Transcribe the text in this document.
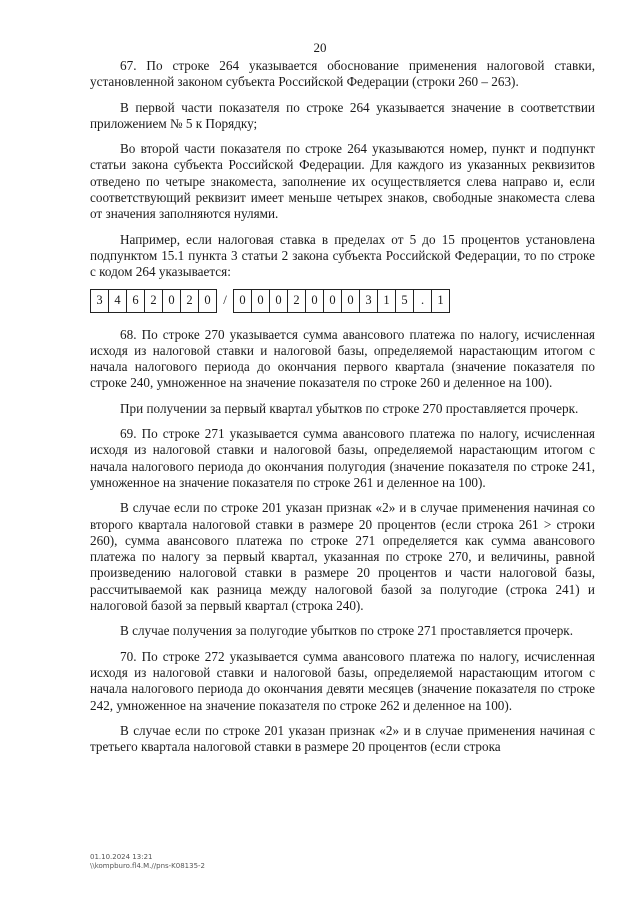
20

67. По строке 264 указывается обоснование применения налоговой ставки, установленной законом субъекта Российской Федерации (строки 260 – 263).

В первой части показателя по строке 264 указывается значение в соответствии приложением № 5 к Порядку;

Во второй части показателя по строке 264 указываются номер, пункт и подпункт статьи закона субъекта Российской Федерации. Для каждого из указанных реквизитов отведено по четыре знакоместа, заполнение их осуществляется слева направо и, если соответствующий реквизит имеет меньше четырех знаков, свободные знакоместа слева от значения заполняются нулями.

Например, если налоговая ставка в пределах от 5 до 15 процентов установлена подпунктом 15.1 пункта 3 статьи 2 закона субъекта Российской Федерации, то по строке с кодом 264 указывается:

3 4 6 2 0 2 0 /	0 0 0 2 0 0 0 3 1 5	.	1

68. По строке 270 указывается сумма авансового платежа по налогу, исчисленная исходя из налоговой ставки и налоговой базы, определяемой нарастающим итогом с начала налогового периода до окончания первого квартала (значение показателя по строке 240, умноженное на значение показателя по строке 260 и деленное на 100).

При получении за первый квартал убытков по строке 270 проставляется прочерк.

69. По строке 271 указывается сумма авансового платежа по налогу, исчисленная исходя из налоговой ставки и налоговой базы, определяемой нарастающим итогом с начала налогового периода до окончания полугодия (значение показателя по строке 241, умноженное на значение показателя по строке 261 и деленное на 100).

В случае если по строке 201 указан признак «2» и в случае применения начиная со второго квартала налоговой ставки в размере 20 процентов (если строка 261 > строки 260), сумма авансового платежа по строке 271 определяется как сумма авансового платежа по налогу за первый квартал, указанная по строке 270, и величины, равной произведению налоговой ставки в размере 20 процентов и части налоговой базы, рассчитываемой как разница между налоговой базой за полугодие (строка 241) и налоговой базой за первый квартал (строка 240).

В случае получения за полугодие убытков по строке 271 проставляется прочерк.

70. По строке 272 указывается сумма авансового платежа по налогу, исчисленная исходя из налоговой ставки и налоговой базы, определяемой нарастающим итогом с начала налогового периода до окончания девяти месяцев (значение показателя по строке 242, умноженное на значение показателя по строке 262 и деленное на 100).

В случае если по строке 201 указан признак «2» и в случае применения начиная с третьего квартала налоговой ставки в размере 20 процентов (если строка

01.10.2024 13:21
\\kompburo.fl4.M.//pns-K08135-2
